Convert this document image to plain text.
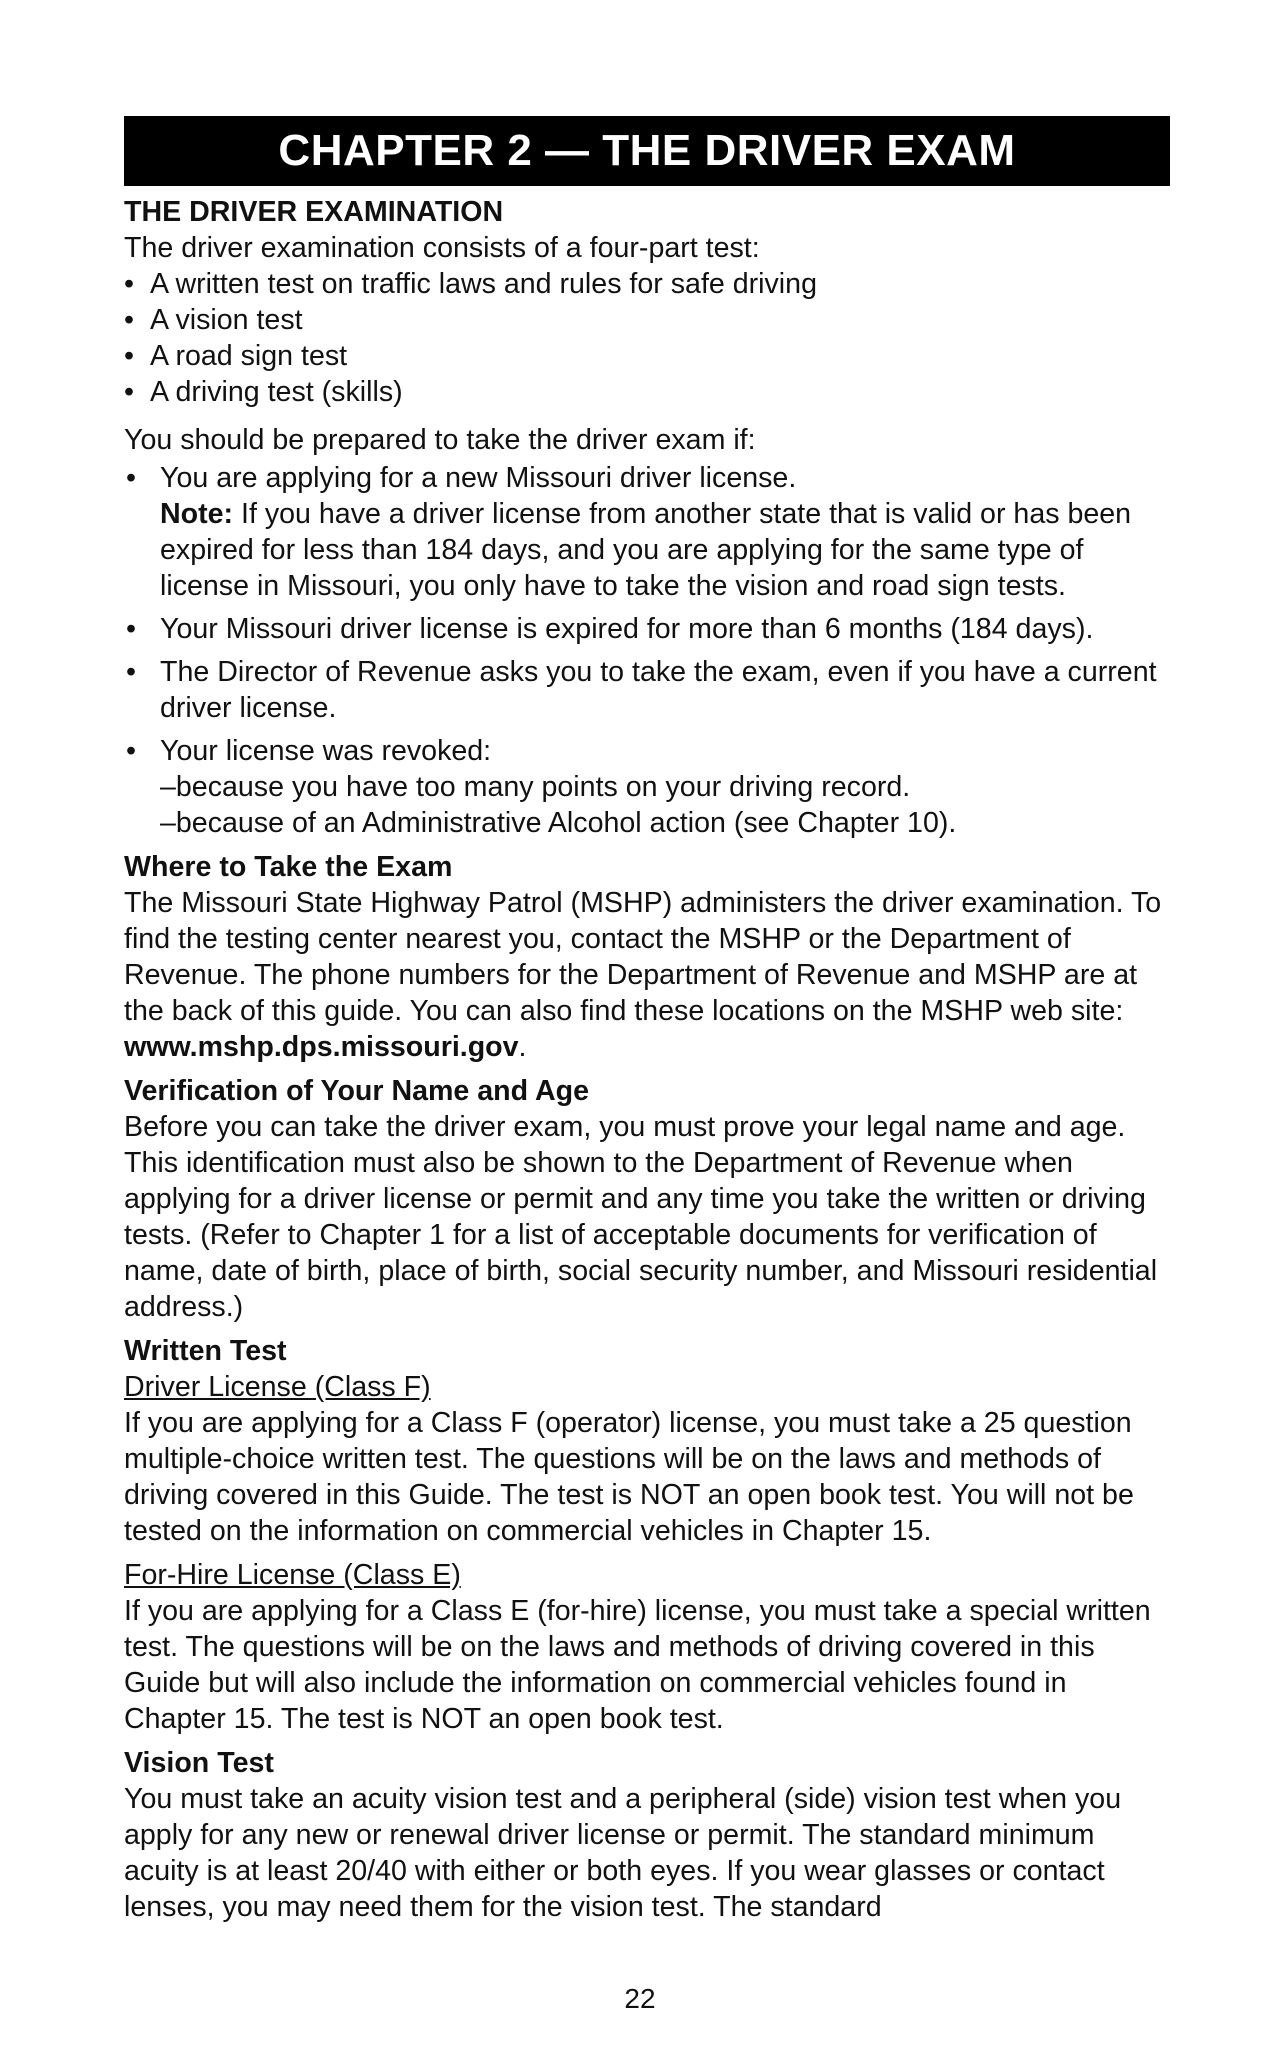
CHAPTER 2 — THE DRIVER EXAM
THE DRIVER EXAMINATION

The driver examination consists of a four-part test:

• A written test on traffic laws and rules for safe driving
• A vision test
• A road sign test
• A driving test (skills)

You should be prepared to take the driver exam if:

• You are applying for a new Missouri driver license.
Note: If you have a driver license from another state that is valid or has been expired for less than 184 days, and you are applying for the same type of license in Missouri, you only have to take the vision and road sign tests.
• Your Missouri driver license is expired for more than 6 months (184 days).
• The Director of Revenue asks you to take the exam, even if you have a current driver license.
• Your license was revoked:
–because you have too many points on your driving record.
–because of an Administrative Alcohol action (see Chapter 10).
Where to Take the Exam

The Missouri State Highway Patrol (MSHP) administers the driver examination. To find the testing center nearest you, contact the MSHP or the Department of Revenue. The phone numbers for the Department of Revenue and MSHP are at the back of this guide. You can also find these locations on the MSHP web site: www.mshp.dps.missouri.gov.

Verification of Your Name and Age

Before you can take the driver exam, you must prove your legal name and age. This identification must also be shown to the Department of Revenue when applying for a driver license or permit and any time you take the written or driving tests. (Refer to Chapter 1 for a list of acceptable documents for verification of name, date of birth, place of birth, social security number, and Missouri residential address.)

Written Test
Driver License (Class F)

If you are applying for a Class F (operator) license, you must take a 25 question multiple-choice written test. The questions will be on the laws and methods of driving covered in this Guide. The test is NOT an open book test. You will not be tested on the information on commercial vehicles in Chapter 15.

For-Hire License (Class E)

If you are applying for a Class E (for-hire) license, you must take a special written test. The questions will be on the laws and methods of driving covered in this Guide but will also include the information on commercial vehicles found in Chapter 15. The test is NOT an open book test.

Vision Test

You must take an acuity vision test and a peripheral (side) vision test when you apply for any new or renewal driver license or permit. The standard minimum acuity is at least 20/40 with either or both eyes. If you wear glasses or contact lenses, you may need them for the vision test. The standard

22
